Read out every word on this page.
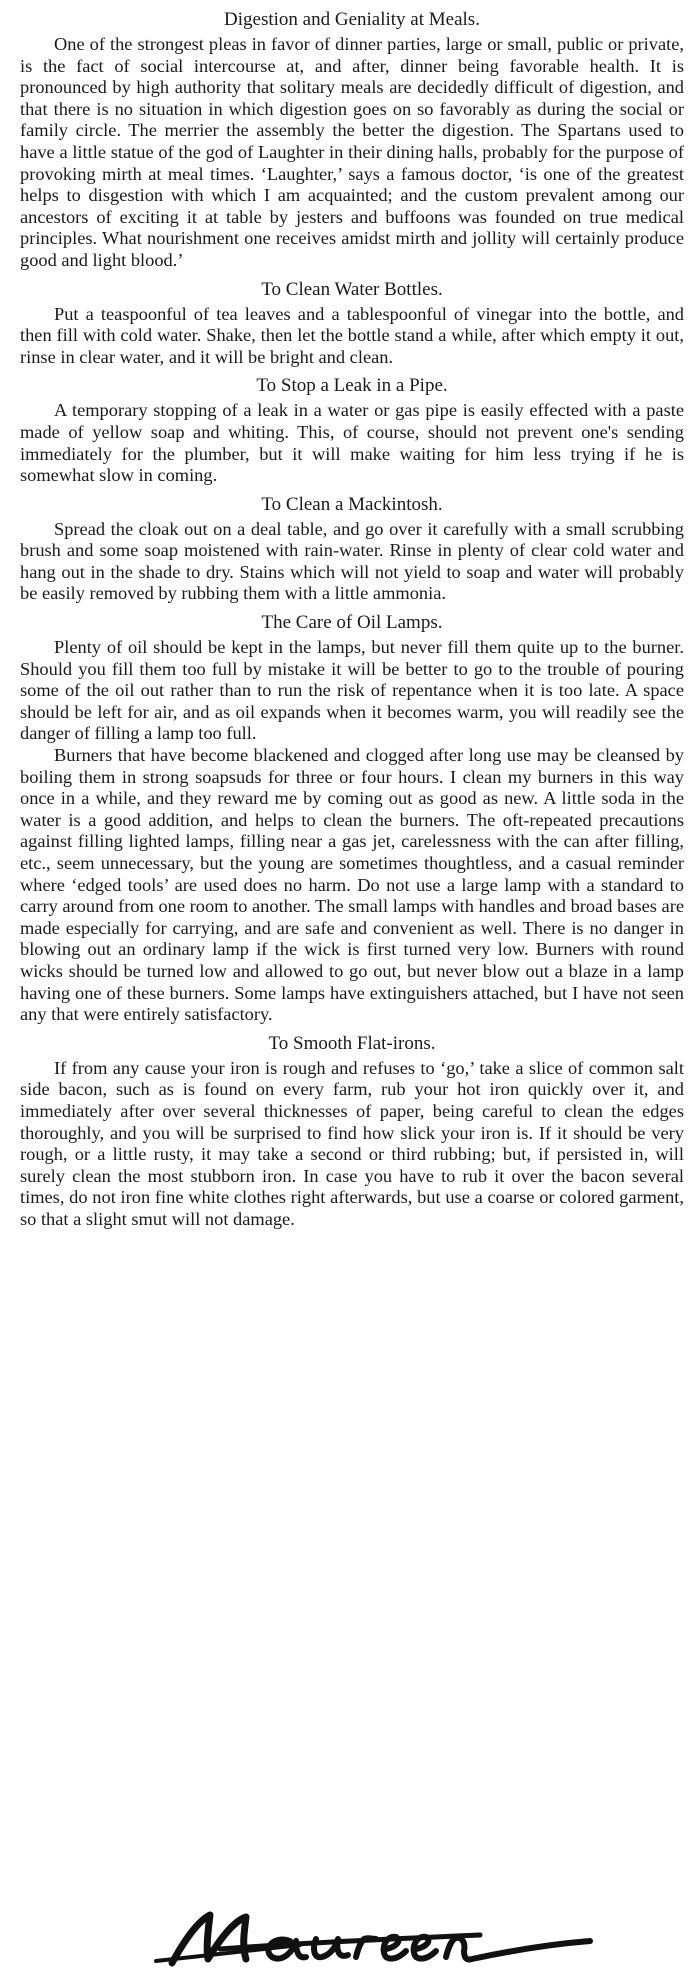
Digestion and Geniality at Meals.

One of the strongest pleas in favor of dinner parties, large or small, public or private, is the fact of social intercourse at, and after, dinner being favorable health. It is pronounced by high authority that solitary meals are decidedly difficult of digestion, and that there is no situation in which digestion goes on so favorably as during the social or family circle. The merrier the assembly the better the digestion. The Spartans used to have a little statue of the god of Laughter in their dining halls, probably for the purpose of provoking mirth at meal times. ‘Laughter,’ says a famous doctor, ‘is one of the greatest helps to disgestion with which I am acquainted; and the custom prevalent among our ancestors of exciting it at table by jesters and buffoons was founded on true medical principles. What nourishment one receives amidst mirth and jollity will certainly produce good and light blood.’

To Clean Water Bottles.

Put a teaspoonful of tea leaves and a tablespoonful of vinegar into the bottle, and then fill with cold water. Shake, then let the bottle stand a while, after which empty it out, rinse in clear water, and it will be bright and clean.

To Stop a Leak in a Pipe.

A temporary stopping of a leak in a water or gas pipe is easily effected with a paste made of yellow soap and whiting. This, of course, should not prevent one's sending immediately for the plumber, but it will make waiting for him less trying if he is somewhat slow in coming.

To Clean a Mackintosh.

Spread the cloak out on a deal table, and go over it carefully with a small scrubbing brush and some soap moistened with rain-water. Rinse in plenty of clear cold water and hang out in the shade to dry. Stains which will not yield to soap and water will probably be easily removed by rubbing them with a little ammonia.

The Care of Oil Lamps.

Plenty of oil should be kept in the lamps, but never fill them quite up to the burner. Should you fill them too full by mistake it will be better to go to the trouble of pouring some of the oil out rather than to run the risk of repentance when it is too late. A space should be left for air, and as oil expands when it becomes warm, you will readily see the danger of filling a lamp too full.

Burners that have become blackened and clogged after long use may be cleansed by boiling them in strong soapsuds for three or four hours. I clean my burners in this way once in a while, and they reward me by coming out as good as new. A little soda in the water is a good addition, and helps to clean the burners. The oft-repeated precautions against filling lighted lamps, filling near a gas jet, carelessness with the can after filling, etc., seem unnecessary, but the young are sometimes thoughtless, and a casual reminder where ‘edged tools’ are used does no harm. Do not use a large lamp with a standard to carry around from one room to another. The small lamps with handles and broad bases are made especially for carrying, and are safe and convenient as well. There is no danger in blowing out an ordinary lamp if the wick is first turned very low. Burners with round wicks should be turned low and allowed to go out, but never blow out a blaze in a lamp having one of these burners. Some lamps have extinguishers attached, but I have not seen any that were entirely satisfactory.

To Smooth Flat-irons.

If from any cause your iron is rough and refuses to ‘go,’ take a slice of common salt side bacon, such as is found on every farm, rub your hot iron quickly over it, and immediately after over several thicknesses of paper, being careful to clean the edges thoroughly, and you will be surprised to find how slick your iron is. If it should be very rough, or a little rusty, it may take a second or third rubbing; but, if persisted in, will surely clean the most stubborn iron. In case you have to rub it over the bacon several times, do not iron fine white clothes right afterwards, but use a coarse or colored garment, so that a slight smut will not damage.
